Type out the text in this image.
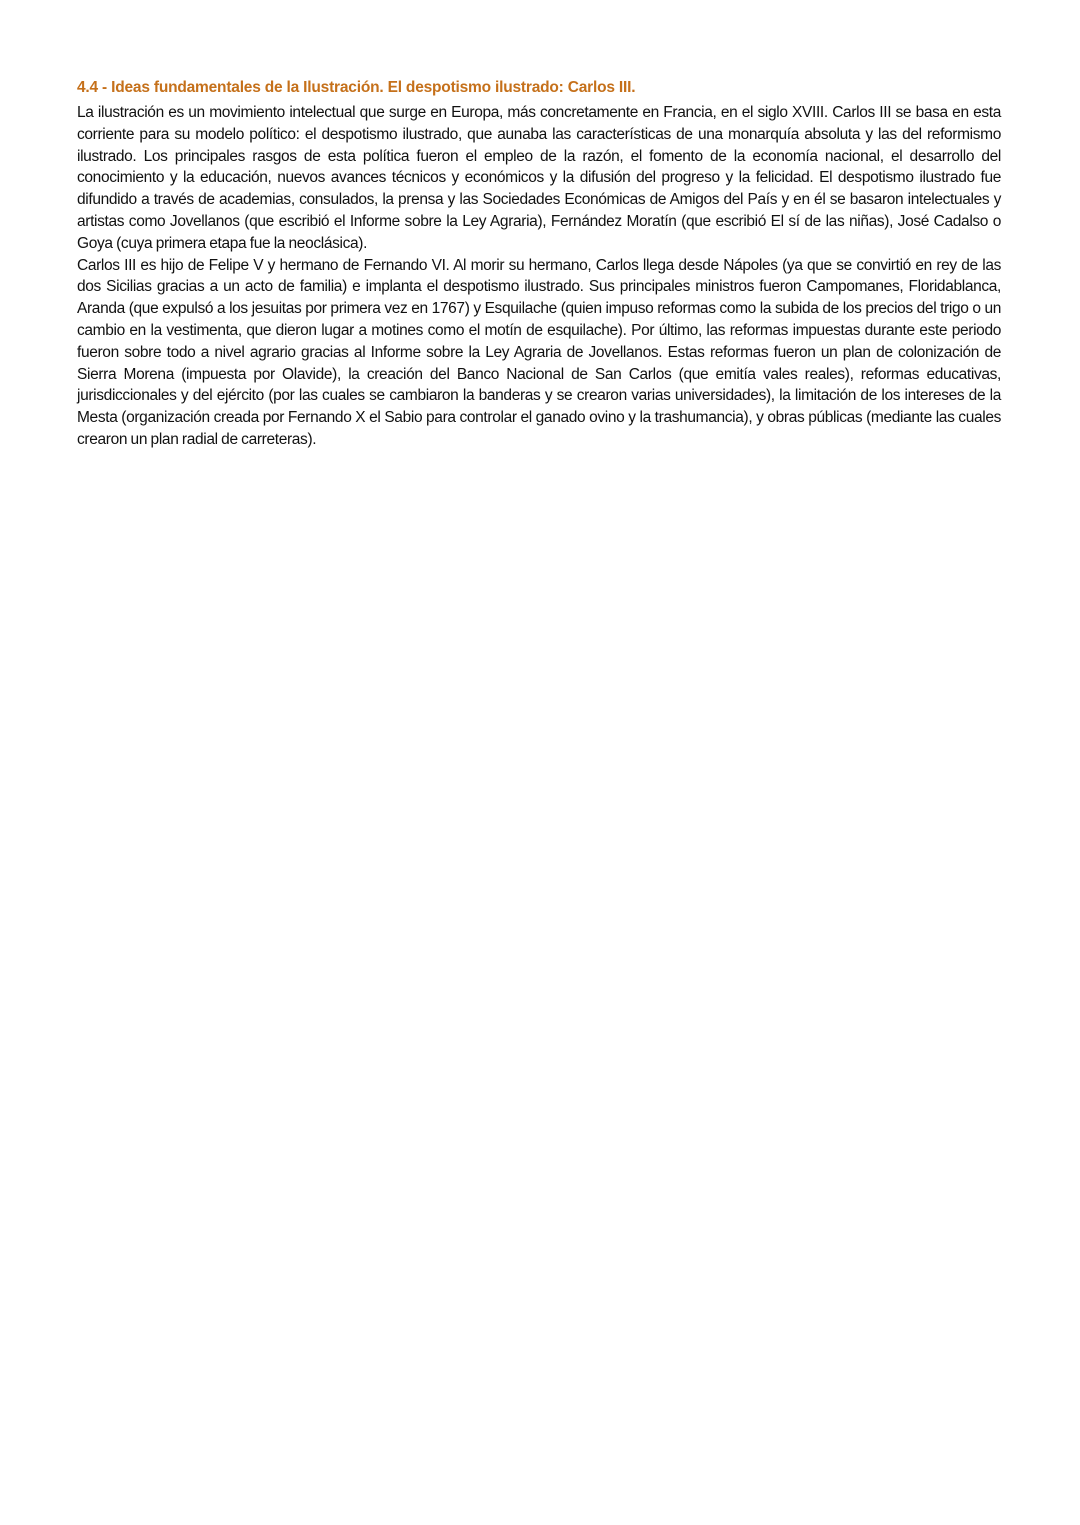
4.4 - Ideas fundamentales de la Ilustración. El despotismo ilustrado: Carlos III.

La ilustración es un movimiento intelectual que surge en Europa, más concretamente en Francia, en el siglo XVIII. Carlos III se basa en esta corriente para su modelo político: el despotismo ilustrado, que aunaba las características de una monarquía absoluta y las del reformismo ilustrado. Los principales rasgos de esta política fueron el empleo de la razón, el fomento de la economía nacional, el desarrollo del conocimiento y la educación, nuevos avances técnicos y económicos y la difusión del progreso y la felicidad. El despotismo ilustrado fue difundido a través de academias, consulados, la prensa y las Sociedades Económicas de Amigos del País y en él se basaron intelectuales y artistas como Jovellanos (que escribió el Informe sobre la Ley Agraria), Fernández Moratín (que escribió El sí de las niñas), José Cadalso o Goya (cuya primera etapa fue la neoclásica).

Carlos III es hijo de Felipe V y hermano de Fernando VI. Al morir su hermano, Carlos llega desde Nápoles (ya que se convirtió en rey de las dos Sicilias gracias a un acto de familia) e implanta el despotismo ilustrado. Sus principales ministros fueron Campomanes, Floridablanca, Aranda (que expulsó a los jesuitas por primera vez en 1767) y Esquilache (quien impuso reformas como la subida de los precios del trigo o un cambio en la vestimenta, que dieron lugar a motines como el motín de esquilache). Por último, las reformas impuestas durante este periodo fueron sobre todo a nivel agrario gracias al Informe sobre la Ley Agraria de Jovellanos. Estas reformas fueron un plan de colonización de Sierra Morena (impuesta por Olavide), la creación del Banco Nacional de San Carlos (que emitía vales reales), reformas educativas, jurisdiccionales y del ejército (por las cuales se cambiaron la banderas y se crearon varias universidades), la limitación de los intereses de la Mesta (organización creada por Fernando X el Sabio para controlar el ganado ovino y la trashumancia), y obras públicas (mediante las cuales crearon un plan radial de carreteras).
